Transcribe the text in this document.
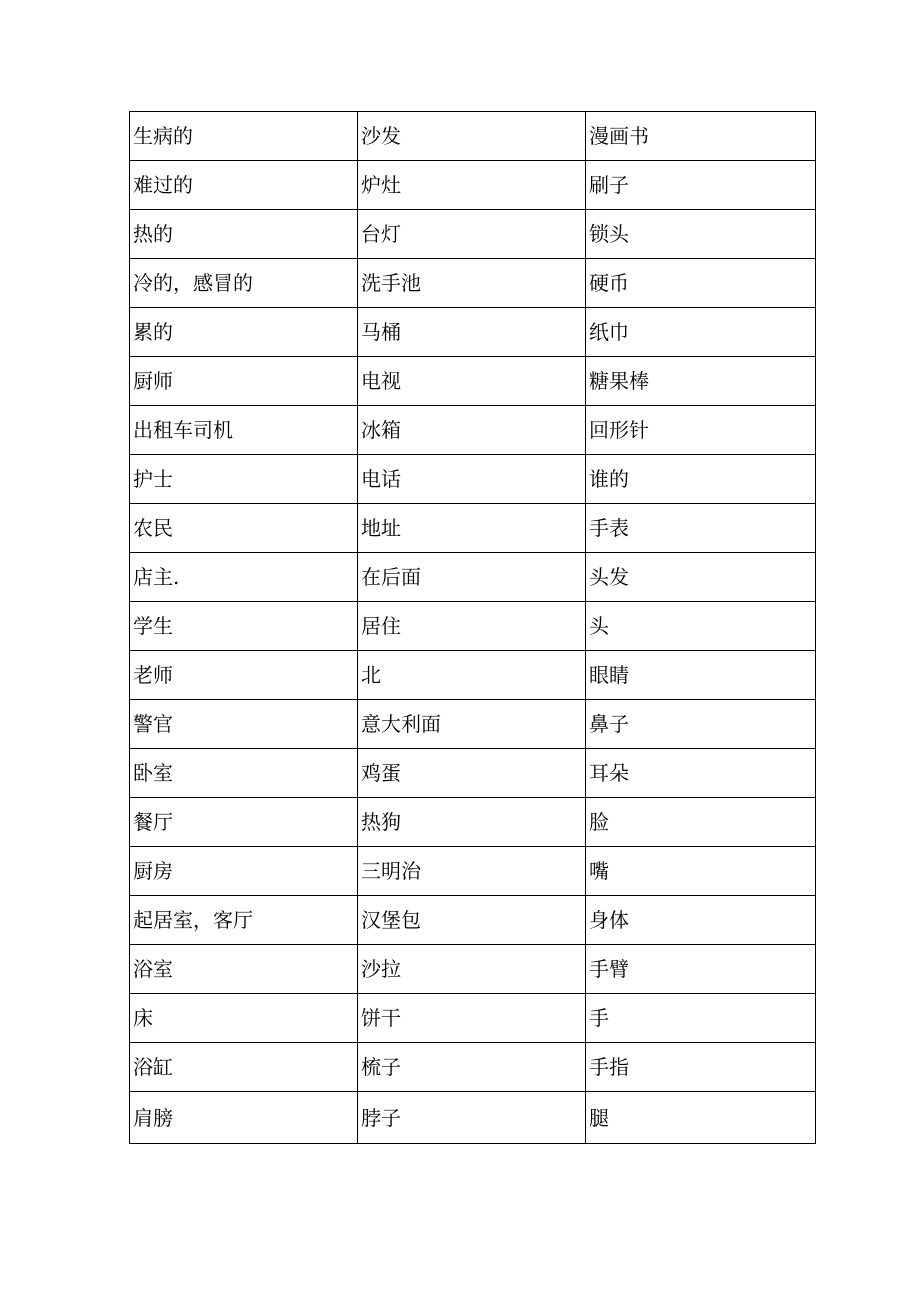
生病的	沙发	漫画书
难过的	炉灶	刷子
热的	台灯	锁头
冷的，感冒的	洗手池	硬币
累的	马桶	纸巾
厨师	电视	糖果棒
出租车司机	冰箱	回形针
护士	电话	谁的
农民	地址	手表
店主.	在后面	头发
学生	居住	头
老师	北	眼睛
警官	意大利面	鼻子
卧室	鸡蛋	耳朵
餐厅	热狗	脸
厨房	三明治	嘴
起居室，客厅	汉堡包	身体
浴室	沙拉	手臂
床	饼干	手
浴缸	梳子	手指
肩膀	脖子	腿
